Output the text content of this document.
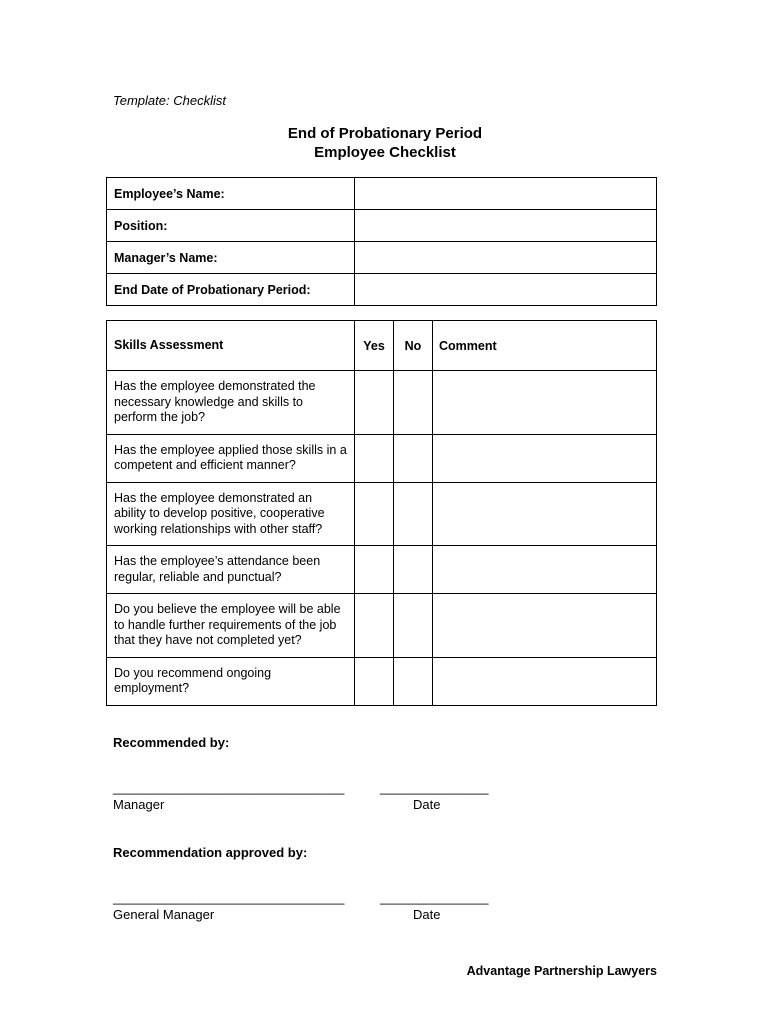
Template: Checklist
End of Probationary Period
Employee Checklist
Employee’s Name:	
Position:	
Manager’s Name:	
End Date of Probationary Period:	
Skills Assessment	Yes	No	Comment
Has the employee demonstrated the necessary knowledge and skills to perform the job?			
Has the employee applied those skills in a competent and efficient manner?			
Has the employee demonstrated an ability to develop positive, cooperative working relationships with other staff?			
Has the employee’s attendance been regular, reliable and punctual?			
Do you believe the employee will be able to handle further requirements of the job that they have not completed yet?			
Do you recommend ongoing employment?			
Recommended by:
________________________________	_______________
Manager	Date
Recommendation approved by:
________________________________	_______________
General Manager	Date
Advantage Partnership Lawyers
